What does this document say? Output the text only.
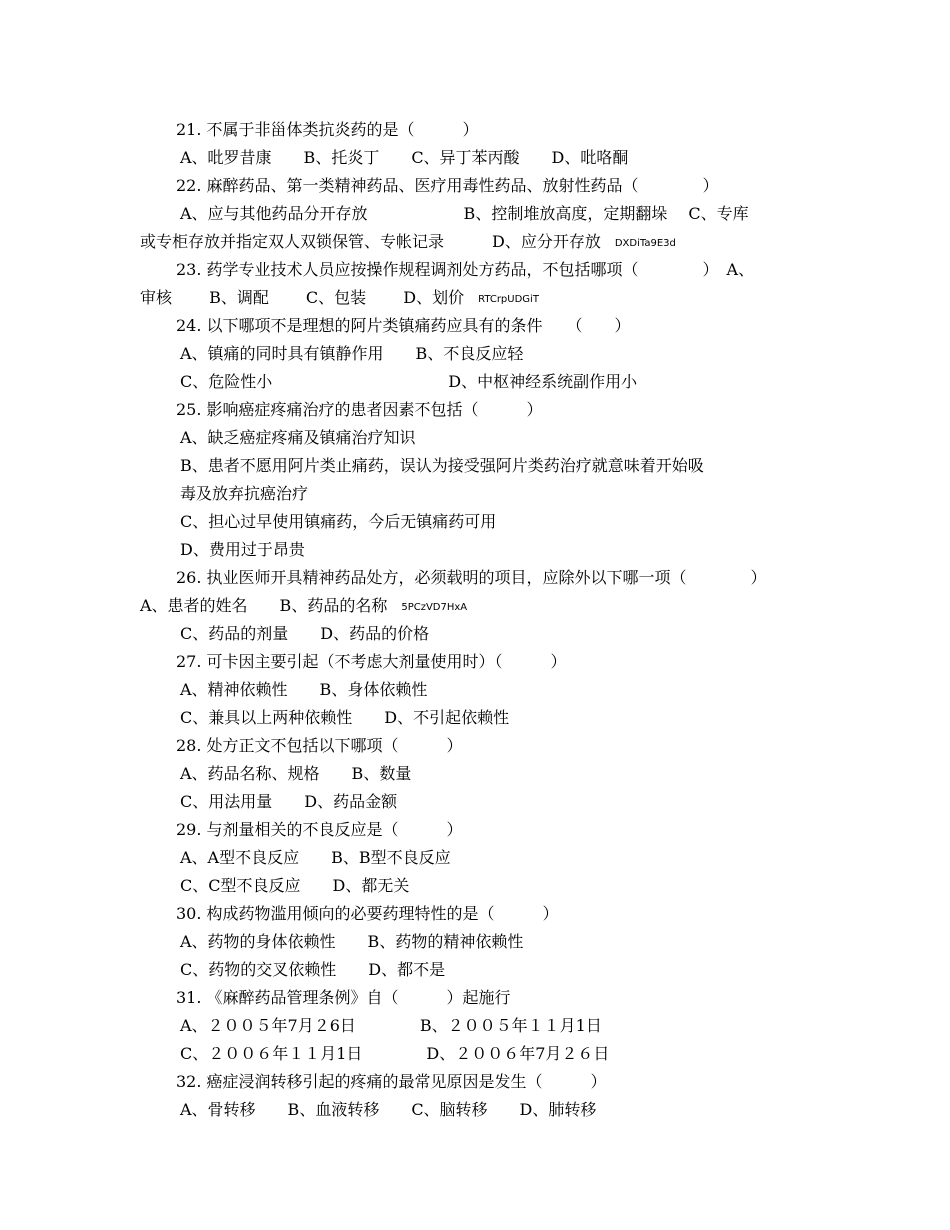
21. 不属于非甾体类抗炎药的是（　　　）
A、吡罗昔康　　B、托炎丁　　C、异丁苯丙酸　　D、吡咯酮
22. 麻醉药品、第一类精神药品、医疗用毒性药品、放射性药品（　　　　）
A、应与其他药品分开存放　　　　　　B、控制堆放高度，定期翻垛　 C、专库
或专柜存放并指定双人双锁保管、专帐记录　　　D、应分开存放 DXDiTa9E3d
23. 药学专业技术人员应按操作规程调剂处方药品，不包括哪项（　　　　）　A、
审核　　 B、调配　　 C、包装　　 D、划价 RTCrpUDGiT
24. 以下哪项不是理想的阿片类镇痛药应具有的条件　　（　　）
A、镇痛的同时具有镇静作用　　B、不良反应轻
C、危险性小　　　　　　　　　　　D、中枢神经系统副作用小
25. 影响癌症疼痛治疗的患者因素不包括（　　　）
A、缺乏癌症疼痛及镇痛治疗知识
B、患者不愿用阿片类止痛药，误认为接受强阿片类药治疗就意味着开始吸
毒及放弃抗癌治疗
C、担心过早使用镇痛药，今后无镇痛药可用
D、费用过于昂贵
26. 执业医师开具精神药品处方，必须载明的项目，应除外以下哪一项（　　　　）
A、患者的姓名　　B、药品的名称 5PCzVD7HxA
C、药品的剂量　　D、药品的价格
27. 可卡因主要引起（不考虑大剂量使用时）（　　　）
A、精神依赖性　　B、身体依赖性
C、兼具以上两种依赖性　　D、不引起依赖性
28. 处方正文不包括以下哪项（　　　）
A、药品名称、规格　　B、数量
C、用法用量　　D、药品金额
29. 与剂量相关的不良反应是（　　　）
A、A型不良反应　　B、B型不良反应
C、C型不良反应　　D、都无关
30. 构成药物滥用倾向的必要药理特性的是（　　　）
A、药物的身体依赖性　　B、药物的精神依赖性
C、药物的交叉依赖性　　D、都不是
31. 《麻醉药品管理条例》自（　　　）起施行
A、２００５年7月２6日　　　　B、２００５年１１月1日
C、２００６年１１月1日　　　　D、２００６年7月２６日
32. 癌症浸润转移引起的疼痛的最常见原因是发生（　　　）
A、骨转移　　B、血液转移　　C、脑转移　　D、肺转移
